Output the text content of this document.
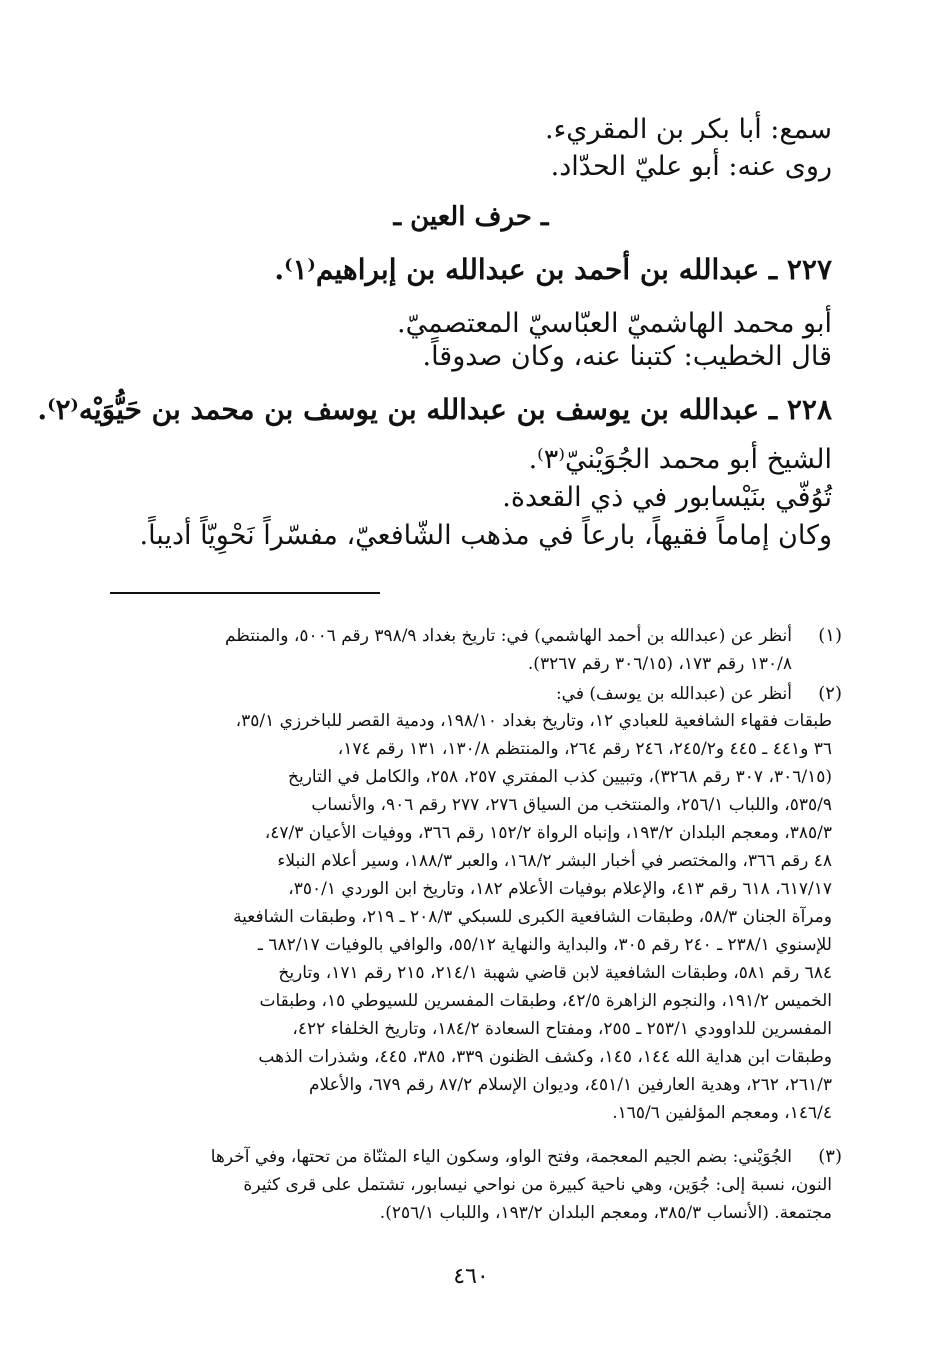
سمع: أبا بكر بن المقريء.
روى عنه: أبو عليّ الحدّاد.
ـ حرف العين ـ
٢٢٧ ـ عبدالله بن أحمد بن عبدالله بن إبراهيم⁽١⁾.
أبو محمد الهاشميّ العبّاسيّ المعتصميّ.
قال الخطيب: كتبنا عنه، وكان صدوقاً.
٢٢٨ ـ عبدالله بن يوسف بن عبدالله بن يوسف بن محمد بن حَيُّوَيْه⁽٢⁾.
الشيخ أبو محمد الجُوَيْنيّ⁽٣⁾.
تُوُفّي بنَيْسابور في ذي القعدة.
وكان إماماً فقيهاً، بارعاً في مذهب الشّافعيّ، مفسّراً نَحْوِيّاً أديباً.
(١)
أنظر عن (عبدالله بن أحمد الهاشمي) في: تاريخ بغداد ٣٩٨/٩ رقم ٥٠٠٦، والمنتظم
١٣٠/٨ رقم ١٧٣، (٣٠٦/١٥ رقم ٣٢٦٧).
(٢)
أنظر عن (عبدالله بن يوسف) في:
طبقات فقهاء الشافعية للعبادي ١٢، وتاريخ بغداد ١٩٨/١٠، ودمية القصر للباخرزي ٣٥/١،
٣٦ و٤٤١ ـ ٤٤٥ و٢٤٥/٢، ٢٤٦ رقم ٢٦٤، والمنتظم ١٣٠/٨، ١٣١ رقم ١٧٤،
(٣٠٦/١٥، ٣٠٧ رقم ٣٢٦٨)، وتبيين كذب المفتري ٢٥٧، ٢٥٨، والكامل في التاريخ
٥٣٥/٩، واللباب ٢٥٦/١، والمنتخب من السياق ٢٧٦، ٢٧٧ رقم ٩٠٦، والأنساب
٣٨٥/٣، ومعجم البلدان ١٩٣/٢، وإنباه الرواة ١٥٢/٢ رقم ٣٦٦، ووفيات الأعيان ٤٧/٣،
٤٨ رقم ٣٦٦، والمختصر في أخبار البشر ١٦٨/٢، والعبر ١٨٨/٣، وسير أعلام النبلاء
٦١٧/١٧، ٦١٨ رقم ٤١٣، والإعلام بوفيات الأعلام ١٨٢، وتاريخ ابن الوردي ٣٥٠/١،
ومرآة الجنان ٥٨/٣، وطبقات الشافعية الكبرى للسبكي ٢٠٨/٣ ـ ٢١٩، وطبقات الشافعية
للإسنوي ٢٣٨/١ ـ ٢٤٠ رقم ٣٠٥، والبداية والنهاية ٥٥/١٢، والوافي بالوفيات ٦٨٢/١٧ ـ
٦٨٤ رقم ٥٨١، وطبقات الشافعية لابن قاضي شهبة ٢١٤/١، ٢١٥ رقم ١٧١، وتاريخ
الخميس ١٩١/٢، والنجوم الزاهرة ٤٢/٥، وطبقات المفسرين للسيوطي ١٥، وطبقات
المفسرين للداوودي ٢٥٣/١ ـ ٢٥٥، ومفتاح السعادة ١٨٤/٢، وتاريخ الخلفاء ٤٢٢،
وطبقات ابن هداية الله ١٤٤، ١٤٥، وكشف الظنون ٣٣٩، ٣٨٥، ٤٤٥، وشذرات الذهب
٢٦١/٣، ٢٦٢، وهدية العارفين ٤٥١/١، وديوان الإسلام ٨٧/٢ رقم ٦٧٩، والأعلام
١٤٦/٤، ومعجم المؤلفين ١٦٥/٦.
(٣)
الجُوَيْني: بضم الجيم المعجمة، وفتح الواو، وسكون الياء المثنّاة من تحتها، وفي آخرها
النون، نسبة إلى: جُوَين، وهي ناحية كبيرة من نواحي نيسابور، تشتمل على قرى كثيرة
مجتمعة. (الأنساب ٣٨٥/٣، ومعجم البلدان ١٩٣/٢، واللباب ٢٥٦/١).
٤٦٠
